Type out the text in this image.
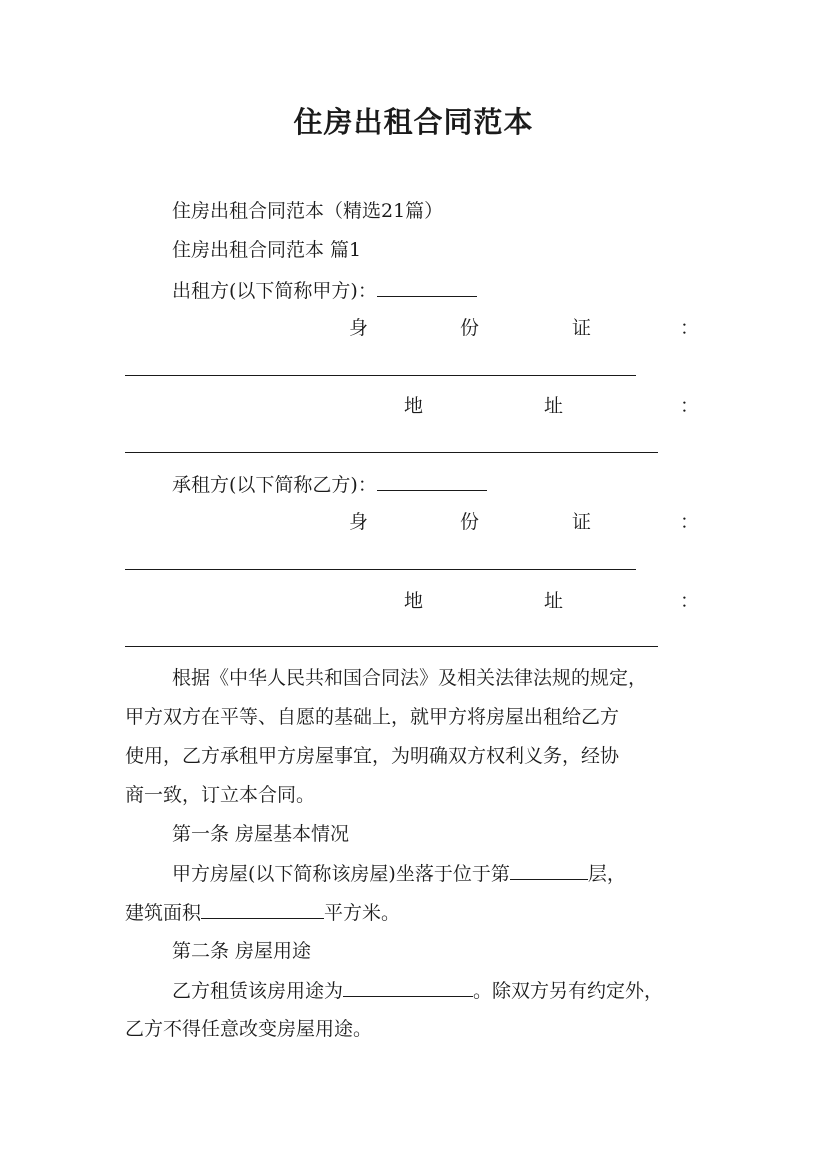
住房出租合同范本
住房出租合同范本（精选21篇）
住房出租合同范本 篇1
出租方(以下简称甲方)：
身	份	证	：
地	址	：
承租方(以下简称乙方)：
身	份	证	：
地	址	：
根据《中华人民共和国合同法》及相关法律法规的规定，
甲方双方在平等、自愿的基础上，就甲方将房屋出租给乙方
使用，乙方承租甲方房屋事宜，为明确双方权利义务，经协
商一致，订立本合同。
第一条 房屋基本情况
甲方房屋(以下简称该房屋)坐落于位于第	层，
建筑面积	平方米。
第二条 房屋用途
乙方租赁该房用途为	。除双方另有约定外，
乙方不得任意改变房屋用途。
